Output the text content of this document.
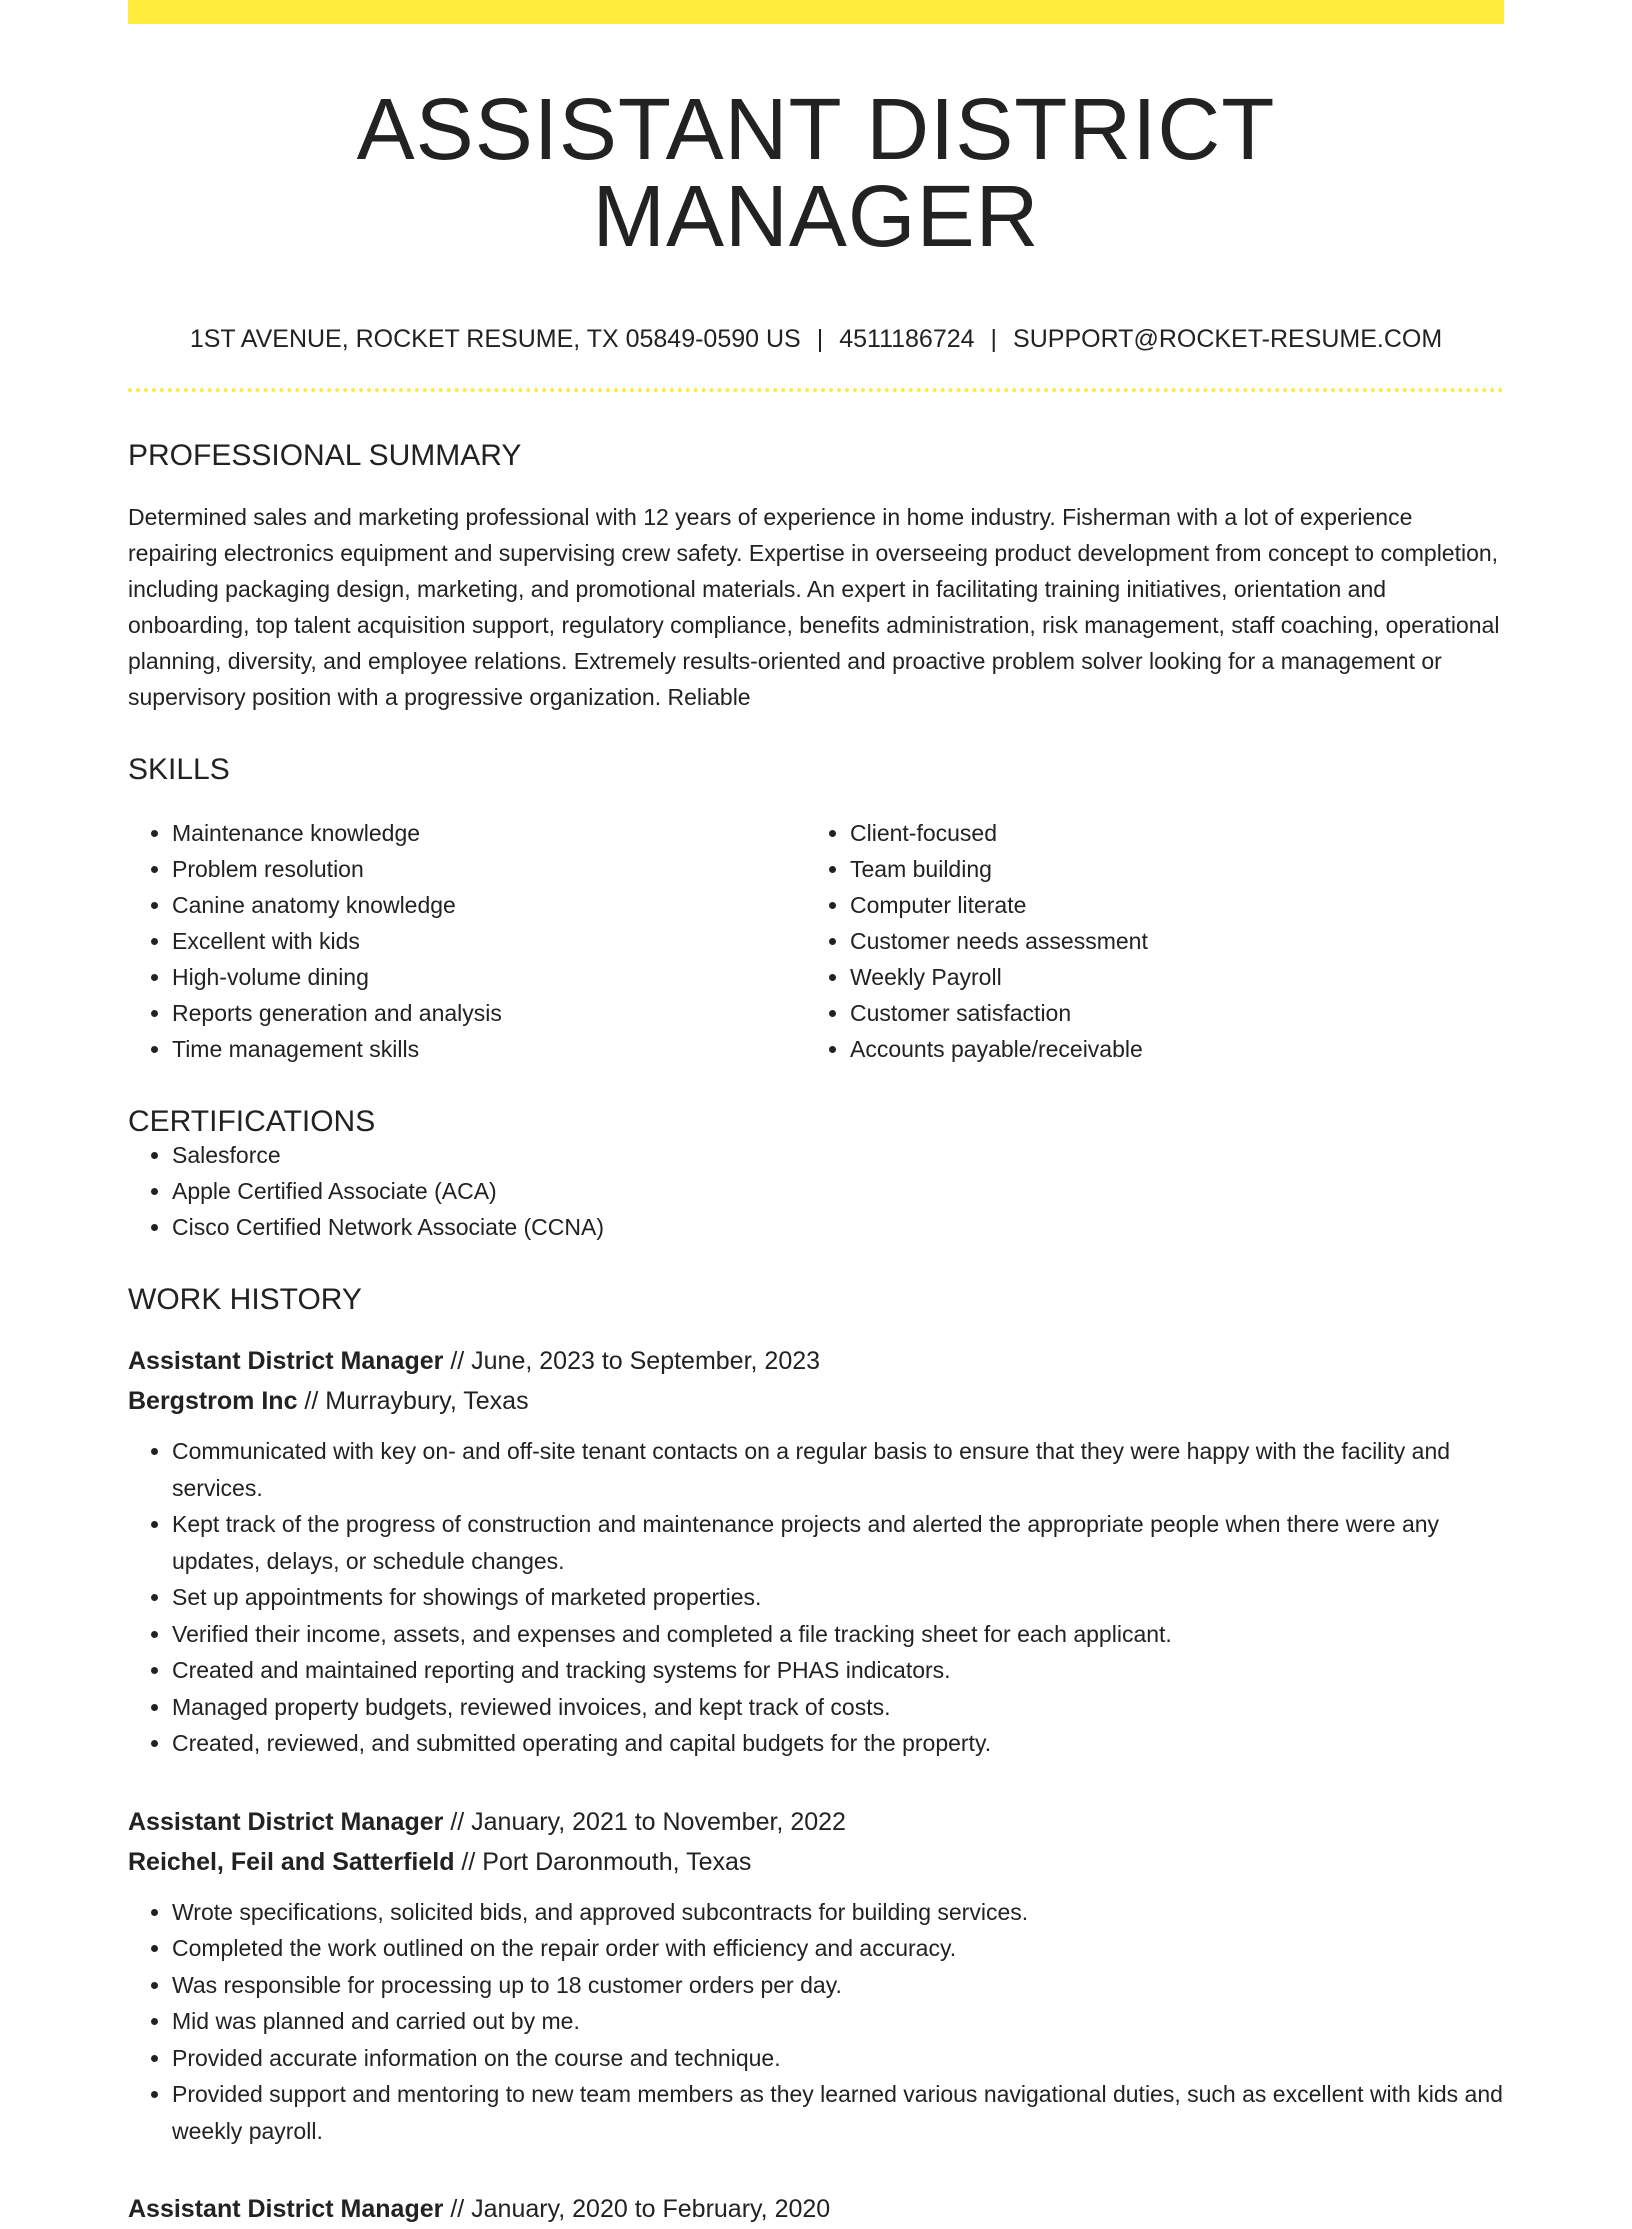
ASSISTANT DISTRICT MANAGER
1ST AVENUE, ROCKET RESUME, TX 05849-0590 US | 4511186724 | SUPPORT@ROCKET-RESUME.COM
PROFESSIONAL SUMMARY

Determined sales and marketing professional with 12 years of experience in home industry. Fisherman with a lot of experience repairing electronics equipment and supervising crew safety. Expertise in overseeing product development from concept to completion, including packaging design, marketing, and promotional materials. An expert in facilitating training initiatives, orientation and onboarding, top talent acquisition support, regulatory compliance, benefits administration, risk management, staff coaching, operational planning, diversity, and employee relations. Extremely results-oriented and proactive problem solver looking for a management or supervisory position with a progressive organization. Reliable

SKILLS
• Maintenance knowledge
• Problem resolution
• Canine anatomy knowledge
• Excellent with kids
• High-volume dining
• Reports generation and analysis
• Time management skills
• Client-focused
• Team building
• Computer literate
• Customer needs assessment
• Weekly Payroll
• Customer satisfaction
• Accounts payable/receivable
CERTIFICATIONS
• Salesforce
• Apple Certified Associate (ACA)
• Cisco Certified Network Associate (CCNA)
WORK HISTORY
Assistant District Manager // June, 2023 to September, 2023
Bergstrom Inc // Murraybury, Texas
• Communicated with key on- and off-site tenant contacts on a regular basis to ensure that they were happy with the facility and services.
• Kept track of the progress of construction and maintenance projects and alerted the appropriate people when there were any updates, delays, or schedule changes.
• Set up appointments for showings of marketed properties.
• Verified their income, assets, and expenses and completed a file tracking sheet for each applicant.
• Created and maintained reporting and tracking systems for PHAS indicators.
• Managed property budgets, reviewed invoices, and kept track of costs.
• Created, reviewed, and submitted operating and capital budgets for the property.
Assistant District Manager // January, 2021 to November, 2022
Reichel, Feil and Satterfield // Port Daronmouth, Texas
• Wrote specifications, solicited bids, and approved subcontracts for building services.
• Completed the work outlined on the repair order with efficiency and accuracy.
• Was responsible for processing up to 18 customer orders per day.
• Mid was planned and carried out by me.
• Provided accurate information on the course and technique.
• Provided support and mentoring to new team members as they learned various navigational duties, such as excellent with kids and weekly payroll.
Assistant District Manager // January, 2020 to February, 2020
